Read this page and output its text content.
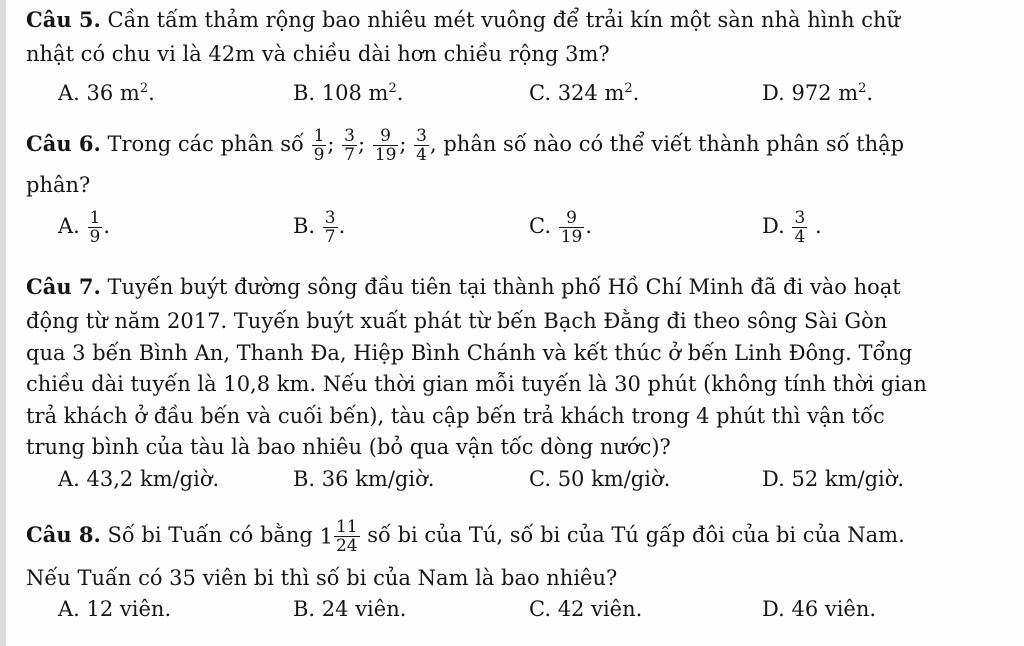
Câu 5. Cần tấm thảm rộng bao nhiêu mét vuông để trải kín một sàn nhà hình chữ
nhật có chu vi là 42m và chiều dài hơn chiều rộng 3m?
A. 36 $m^2$.	B. 108 $m^2$.	C. 324 $m^2$.	D. 972 $m^2$.
Câu 6. Trong các phân số $\frac{1}{9}$ ; $\frac{3}{7}$ ; $\frac{9}{19}$ ; $\frac{3}{4}$ , phân số nào có thể viết thành phân số thập
phân?
A. $\frac{1}{9}$ .	B. $\frac{3}{7}$ .	C. $\frac{9}{19}$ .	D. $\frac{3}{4}$ .
Câu 7. Tuyến buýt đường sông đầu tiên tại thành phố Hồ Chí Minh đã đi vào hoạt
động từ năm 2017. Tuyến buýt xuất phát từ bến Bạch Đằng đi theo sông Sài Gòn
qua 3 bến Bình An, Thanh Đa, Hiệp Bình Chánh và kết thúc ở bến Linh Đông. Tổng
chiều dài tuyến là 10,8 km. Nếu thời gian mỗi tuyến là 30 phút (không tính thời gian
trả khách ở đầu bến và cuối bến), tàu cập bến trả khách trong 4 phút thì vận tốc
trung bình của tàu là bao nhiêu (bỏ qua vận tốc dòng nước)?
A. 43,2 km/giờ.	B. 36 km/giờ.	C. 50 km/giờ.	D. 52 km/giờ.
Câu 8. Số bi Tuấn có bằng $1 \frac{11}{24}$ số bi của Tú, số bi của Tú gấp đôi của bi của Nam.
Nếu Tuấn có 35 viên bi thì số bi của Nam là bao nhiêu?
A. 12 viên.	B. 24 viên.	C. 42 viên.	D. 46 viên.
